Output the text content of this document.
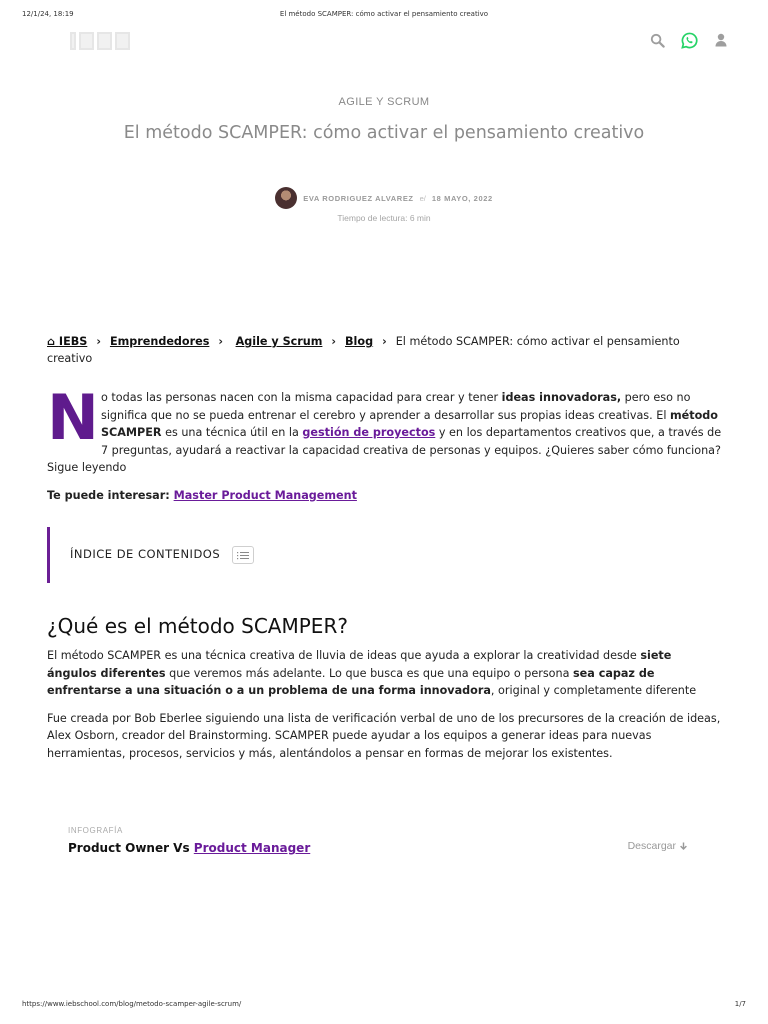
12/1/24, 18:19	El método SCAMPER: cómo activar el pensamiento creativo
AGILE Y SCRUM
El método SCAMPER: cómo activar el pensamiento creativo
EVA RODRIGUEZ ALVAREZ e/ 18 MAYO, 2022
Tiempo de lectura: 6 min
⌂ IEBS › Emprendedores › Agile y Scrum › Blog › El método SCAMPER: cómo activar el pensamiento creativo
No todas las personas nacen con la misma capacidad para crear y tener ideas innovadoras, pero eso no significa que no se pueda entrenar el cerebro y aprender a desarrollar sus propias ideas creativas. El método SCAMPER es una técnica útil en la gestión de proyectos y en los departamentos creativos que, a través de 7 preguntas, ayudará a reactivar la capacidad creativa de personas y equipos. ¿Quieres saber cómo funciona? Sigue leyendo
Te puede interesar: Master Product Management
ÍNDICE DE CONTENIDOS
¿Qué es el método SCAMPER?

El método SCAMPER es una técnica creativa de lluvia de ideas que ayuda a explorar la creatividad desde siete ángulos diferentes que veremos más adelante. Lo que busca es que una equipo o persona sea capaz de enfrentarse a una situación o a un problema de una forma innovadora, original y completamente diferente

Fue creada por Bob Eberlee siguiendo una lista de verificación verbal de uno de los precursores de la creación de ideas, Alex Osborn, creador del Brainstorming. SCAMPER puede ayudar a los equipos a generar ideas para nuevas herramientas, procesos, servicios y más, alentándolos a pensar en formas de mejorar los existentes.

INFOGRAFÍA
Product Owner Vs Product Manager	Descargar
https://www.iebschool.com/blog/metodo-scamper-agile-scrum/	1/7
